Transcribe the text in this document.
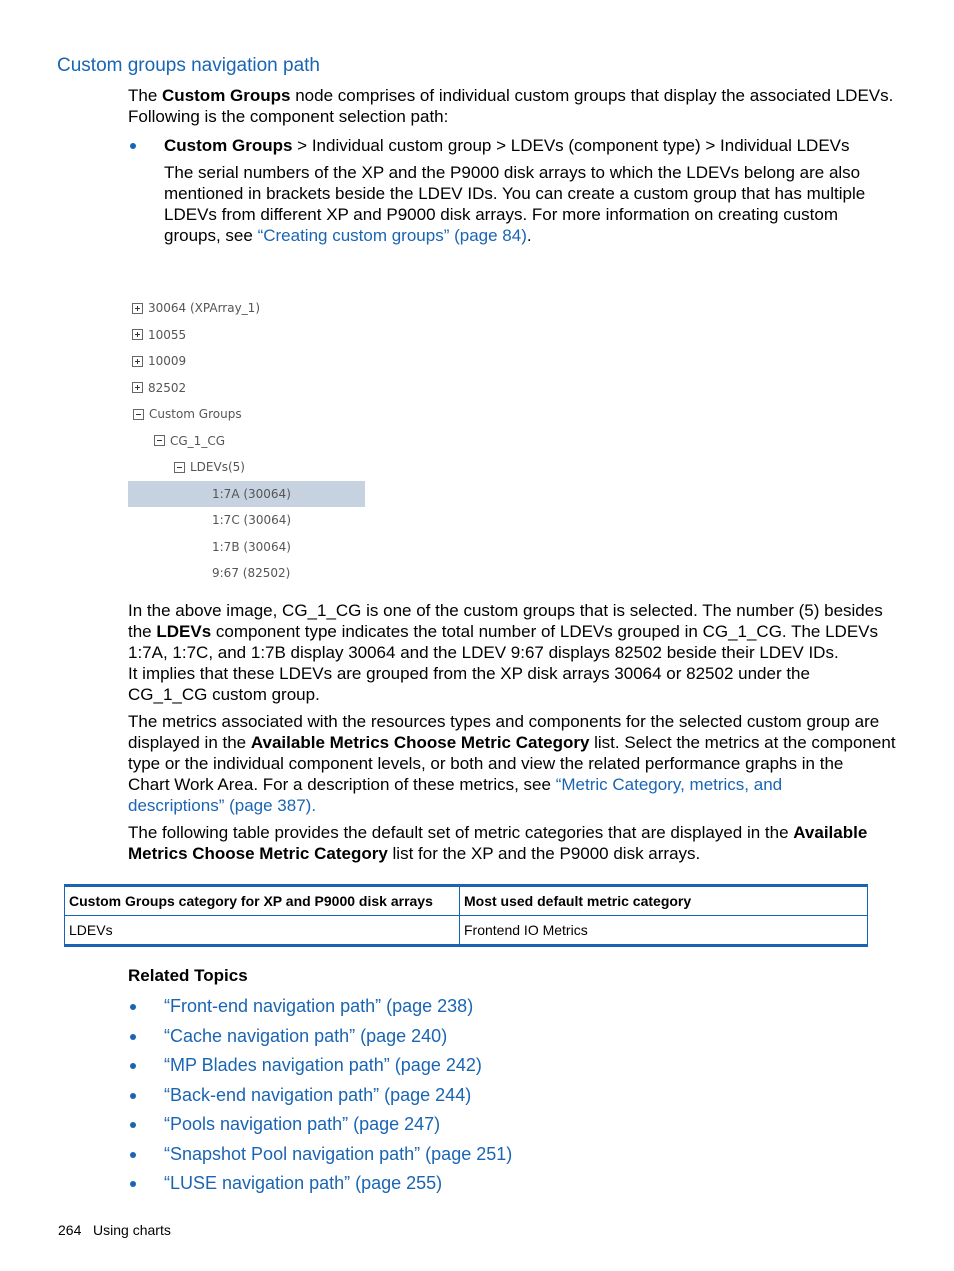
Custom groups navigation path
The Custom Groups node comprises of individual custom groups that display the associated LDEVs.
Following is the component selection path:
Custom Groups > Individual custom group > LDEVs (component type) > Individual LDEVs
The serial numbers of the XP and the P9000 disk arrays to which the LDEVs belong are also
mentioned in brackets beside the LDEV IDs. You can create a custom group that has multiple
LDEVs from different XP and P9000 disk arrays. For more information on creating custom
groups, see “Creating custom groups” (page 84).
30064 (XPArray_1)
10055
10009
82502
Custom Groups
CG_1_CG
LDEVs(5)
1:7A (30064)
1:7C (30064)
1:7B (30064)
9:67 (82502)
In the above image, CG_1_CG is one of the custom groups that is selected. The number (5) besides
the LDEVs component type indicates the total number of LDEVs grouped in CG_1_CG. The LDEVs
1:7A, 1:7C, and 1:7B display 30064 and the LDEV 9:67 displays 82502 beside their LDEV IDs.
It implies that these LDEVs are grouped from the XP disk arrays 30064 or 82502 under the
CG_1_CG custom group.
The metrics associated with the resources types and components for the selected custom group are
displayed in the Available Metrics Choose Metric Category list. Select the metrics at the component
type or the individual component levels, or both and view the related performance graphs in the
Chart Work Area. For a description of these metrics, see “Metric Category, metrics, and
descriptions” (page 387).
The following table provides the default set of metric categories that are displayed in the Available
Metrics Choose Metric Category list for the XP and the P9000 disk arrays.
Custom Groups category for XP and P9000 disk arrays	Most used default metric category
LDEVs	Frontend IO Metrics
Related Topics
“Front-end navigation path” (page 238)
“Cache navigation path” (page 240)
“MP Blades navigation path” (page 242)
“Back-end navigation path” (page 244)
“Pools navigation path” (page 247)
“Snapshot Pool navigation path” (page 251)
“LUSE navigation path” (page 255)
264 Using charts
